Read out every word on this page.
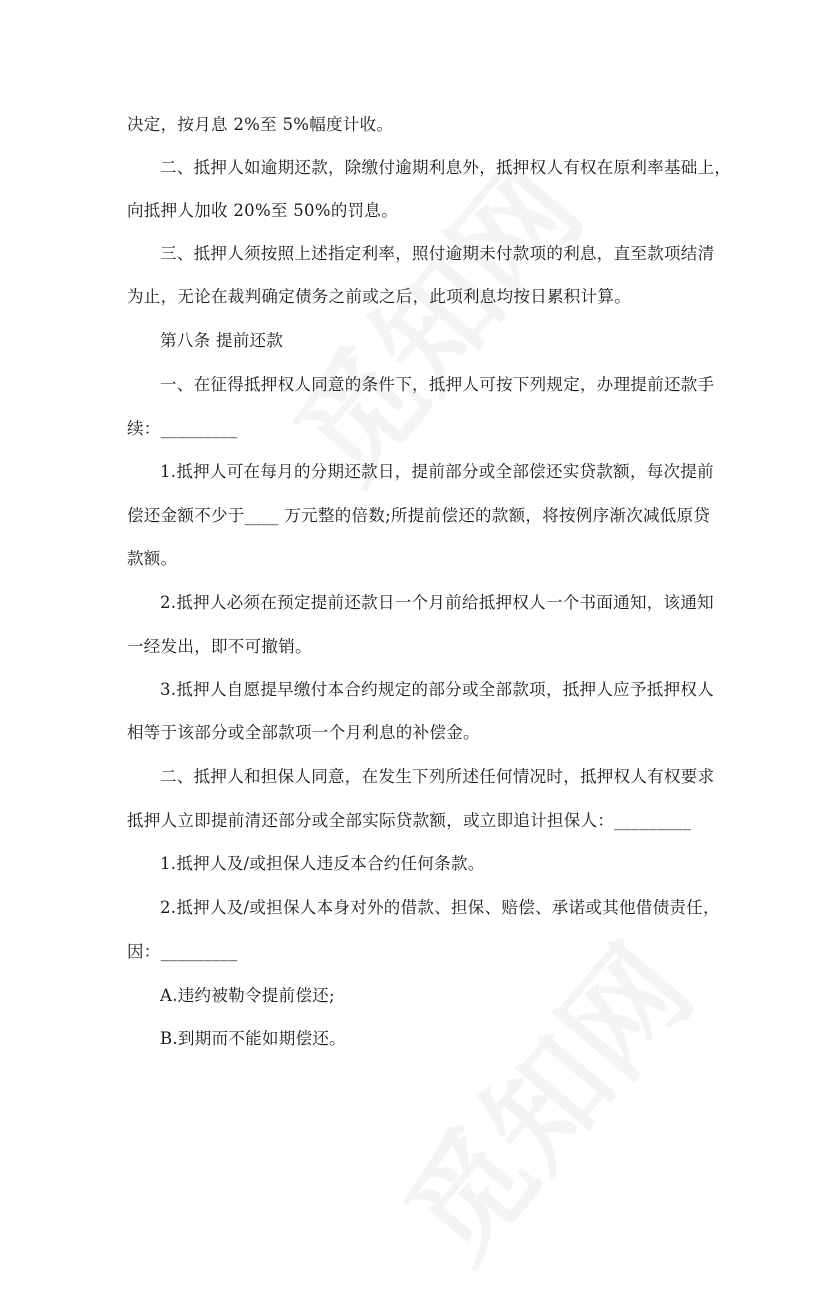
决定，按月息 2%至 5%幅度计收。
二、抵押人如逾期还款，除缴付逾期利息外，抵押权人有权在原利率基础上，
向抵押人加收 20%至 50%的罚息。
三、抵押人须按照上述指定利率，照付逾期未付款项的利息，直至款项结清
为止，无论在裁判确定债务之前或之后，此项利息均按日累积计算。
第八条 提前还款
一、在征得抵押权人同意的条件下，抵押人可按下列规定，办理提前还款手
续：_________
1.抵押人可在每月的分期还款日，提前部分或全部偿还实贷款额，每次提前
偿还金额不少于____ 万元整的倍数;所提前偿还的款额，将按例序渐次减低原贷
款额。
2.抵押人必须在预定提前还款日一个月前给抵押权人一个书面通知，该通知
一经发出，即不可撤销。
3.抵押人自愿提早缴付本合约规定的部分或全部款项，抵押人应予抵押权人
相等于该部分或全部款项一个月利息的补偿金。
二、抵押人和担保人同意，在发生下列所述任何情况时，抵押权人有权要求
抵押人立即提前清还部分或全部实际贷款额，或立即追计担保人：_________
1.抵押人及/或担保人违反本合约任何条款。
2.抵押人及/或担保人本身对外的借款、担保、赔偿、承诺或其他借债责任，
因：_________
A.违约被勒令提前偿还;
B.到期而不能如期偿还。
